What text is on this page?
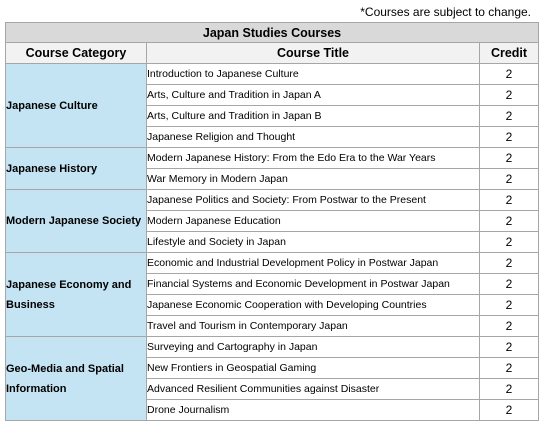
*Courses are subject to change.
Japan Studies Courses		
Course Category	Course Title	Credit
Japanese Culture	Introduction to Japanese Culture	2
	Arts, Culture and Tradition in Japan A	2
	Arts, Culture and Tradition in Japan B	2
	Japanese Religion and Thought	2
Japanese History	Modern Japanese History: From the Edo Era to the War Years	2
	War Memory in Modern Japan	2
Modern Japanese Society	Japanese Politics and Society: From Postwar to the Present	2
	Modern Japanese Education	2
	Lifestyle and Society in Japan	2
Japanese Economy and Business	Economic and Industrial Development Policy in Postwar Japan	2
	Financial Systems and Economic Development in Postwar Japan	2
	Japanese Economic Cooperation with Developing Countries	2
	Travel and Tourism in Contemporary Japan	2
Geo-Media and Spatial Information	Surveying and Cartography in Japan	2
	New Frontiers in Geospatial Gaming	2
	Advanced Resilient Communities against Disaster	2
	Drone Journalism	2
